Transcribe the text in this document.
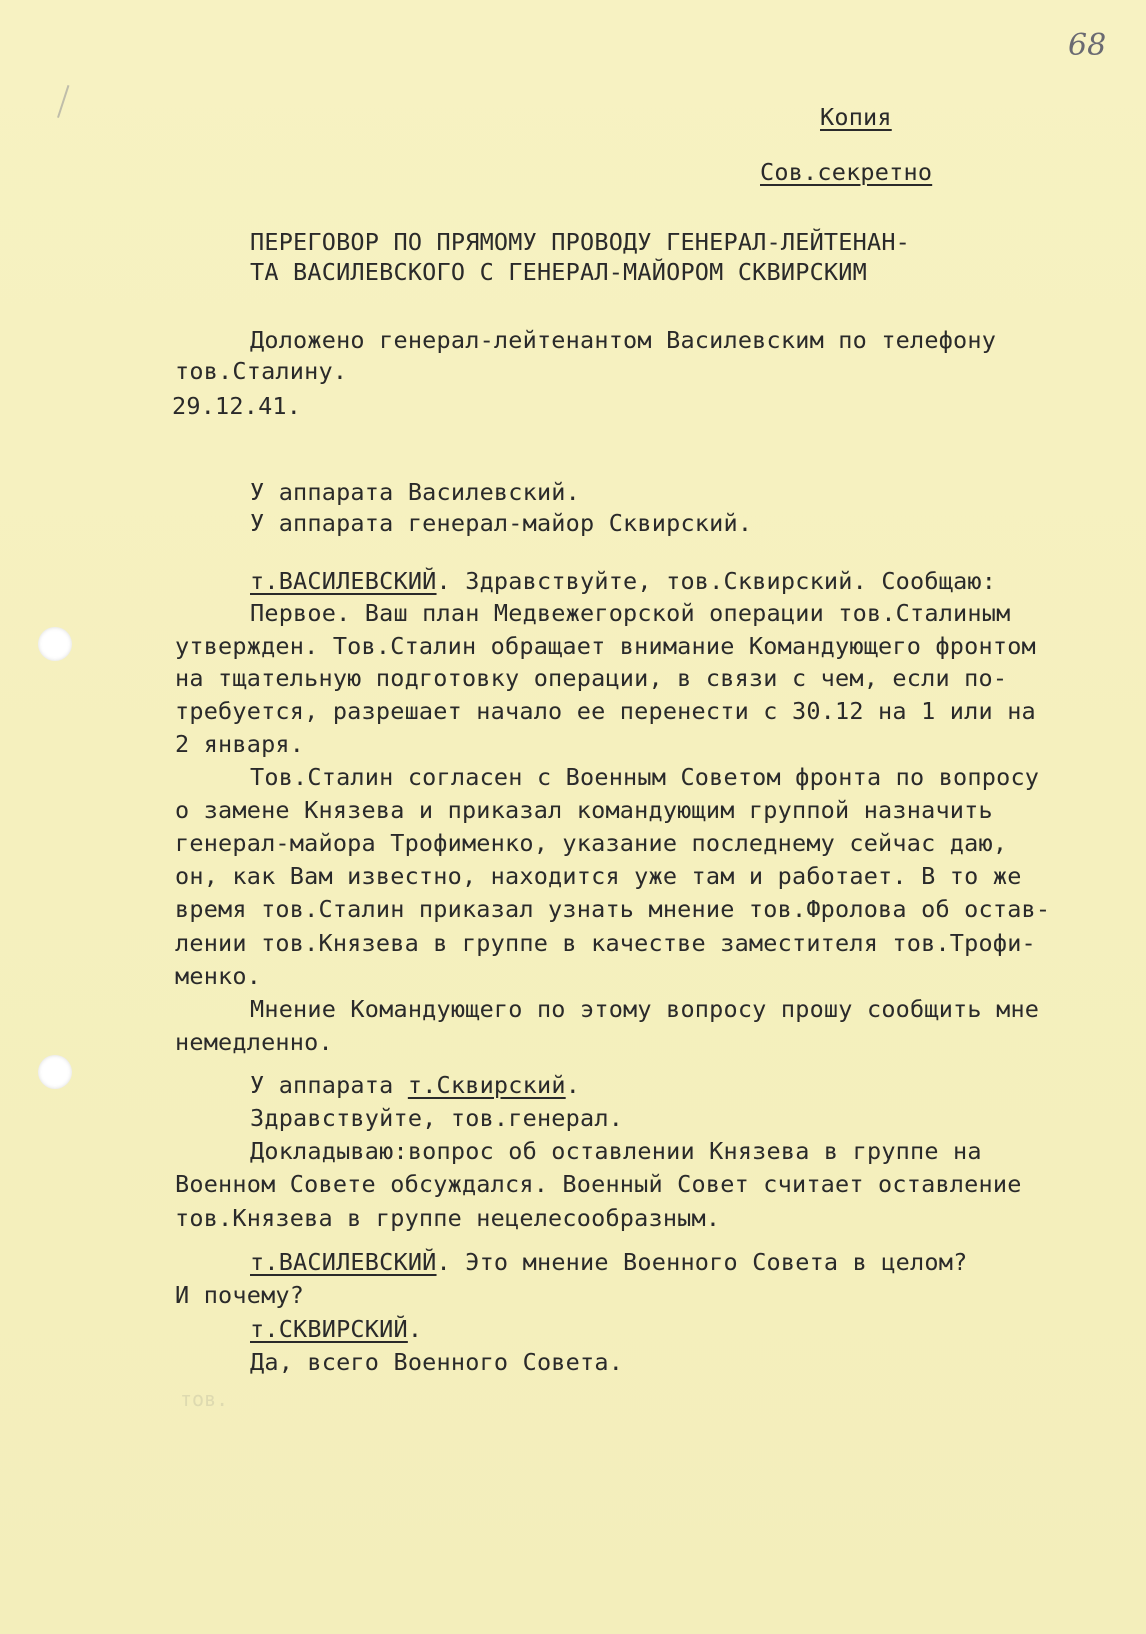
68
Копия
Сов.секретно
ПЕРЕГОВОР ПО ПРЯМОМУ ПРОВОДУ ГЕНЕРАЛ-ЛЕЙТЕНАН-
ТА ВАСИЛЕВСКОГО С ГЕНЕРАЛ-МАЙОРОМ СКВИРСКИМ
Доложено генерал-лейтенантом Василевским по телефону
тов.Сталину.
29.12.41.
У аппарата Василевский.
У аппарата генерал-майор Сквирский.
т.ВАСИЛЕВСКИЙ. Здравствуйте, тов.Сквирский. Сообщаю:
Первое. Ваш план Медвежегорской операции тов.Сталиным
утвержден. Тов.Сталин обращает внимание Командующего фронтом
на тщательную подготовку операции, в связи с чем, если по-
требуется, разрешает начало ее перенести с 30.12 на 1 или на
2 января.
Тов.Сталин согласен с Военным Советом фронта по вопросу
о замене Князева и приказал командующим группой назначить
генерал-майора Трофименко, указание последнему сейчас даю,
он, как Вам известно, находится уже там и работает. В то же
время тов.Сталин приказал узнать мнение тов.Фролова об остав-
лении тов.Князева в группе в качестве заместителя тов.Трофи-
менко.
Мнение Командующего по этому вопросу прошу сообщить мне
немедленно.
У аппарата т.Сквирский.
Здравствуйте, тов.генерал.
Докладываю:вопрос об оставлении Князева в группе на
Военном Совете обсуждался. Военный Совет считает оставление
тов.Князева в группе нецелесообразным.
т.ВАСИЛЕВСКИЙ. Это мнение Военного Совета в целом?
И почему?
т.СКВИРСКИЙ.
Да, всего Военного Совета.
тов.
